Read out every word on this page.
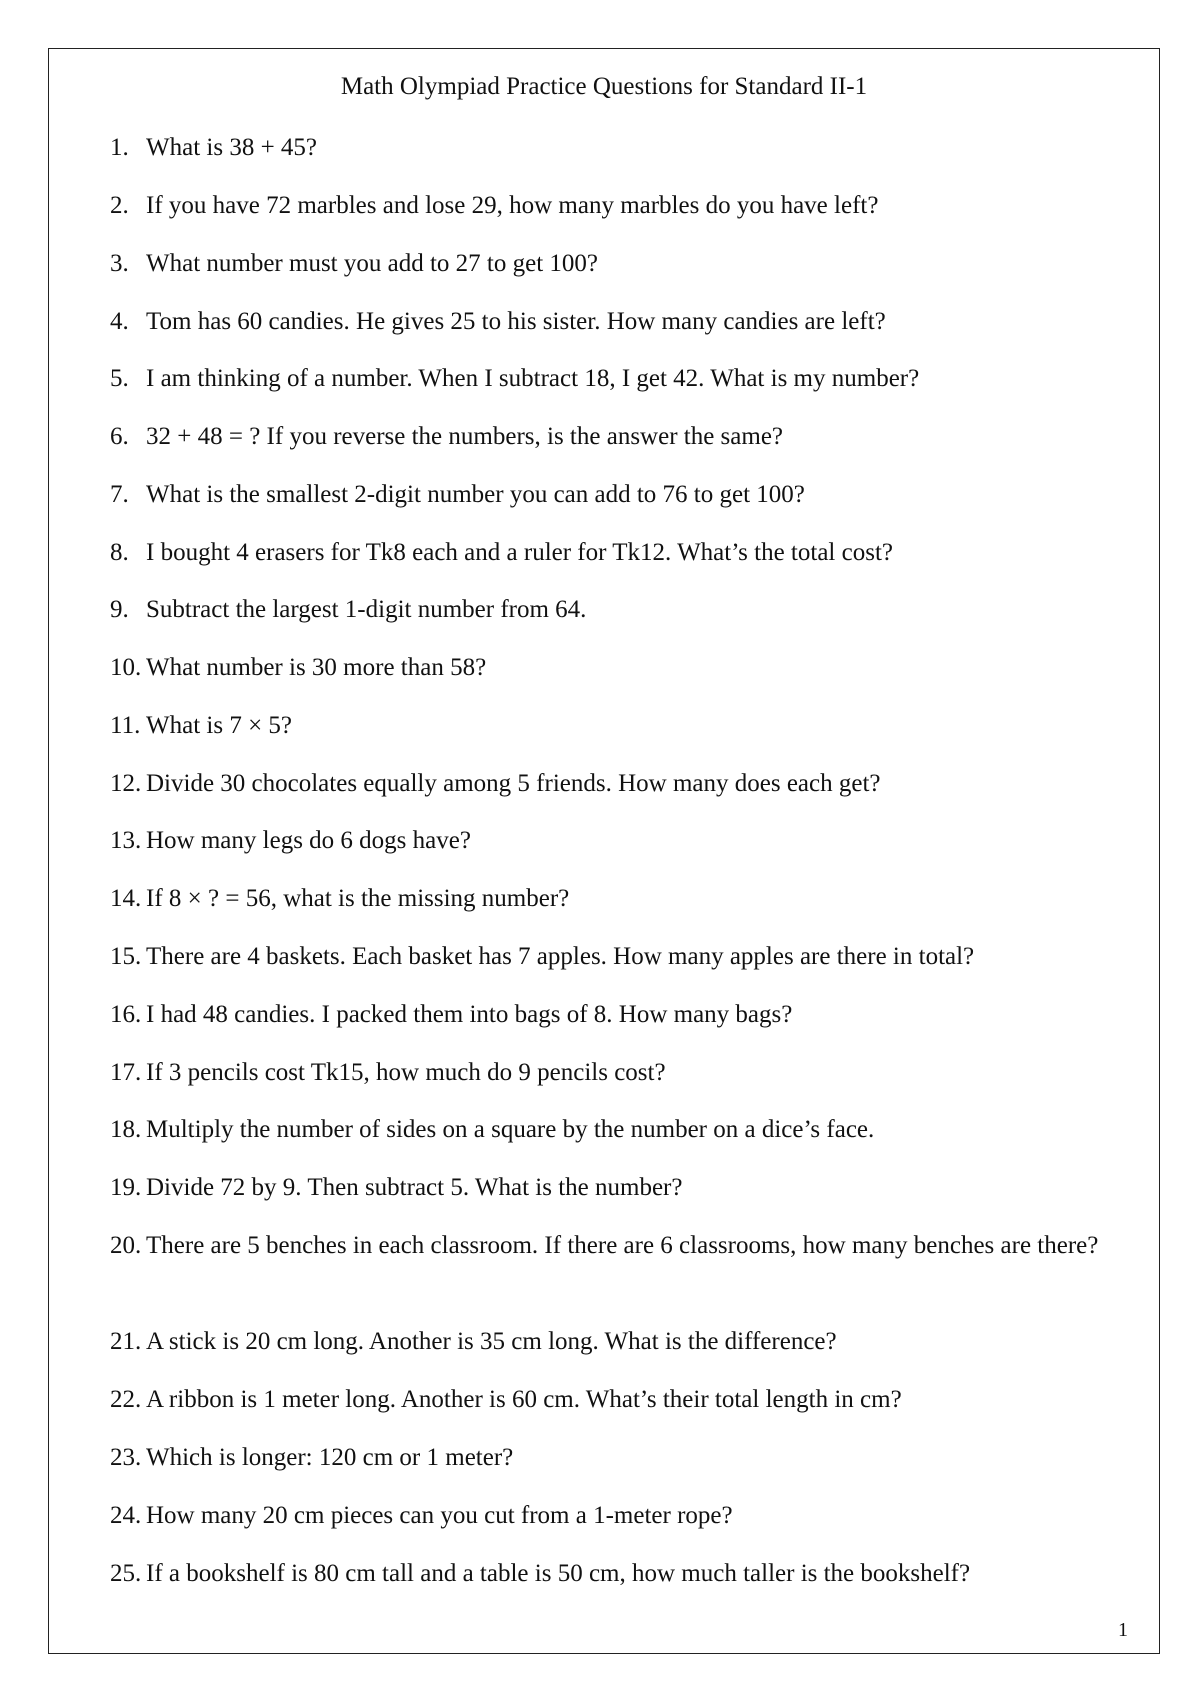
Math Olympiad Practice Questions for Standard II-1
1. What is 38 + 45?
2. If you have 72 marbles and lose 29, how many marbles do you have left?
3. What number must you add to 27 to get 100?
4. Tom has 60 candies. He gives 25 to his sister. How many candies are left?
5. I am thinking of a number. When I subtract 18, I get 42. What is my number?
6. 32 + 48 = ? If you reverse the numbers, is the answer the same?
7. What is the smallest 2-digit number you can add to 76 to get 100?
8. I bought 4 erasers for Tk8 each and a ruler for Tk12. What’s the total cost?
9. Subtract the largest 1-digit number from 64.
10. What number is 30 more than 58?
11. What is 7 × 5?
12. Divide 30 chocolates equally among 5 friends. How many does each get?
13. How many legs do 6 dogs have?
14. If 8 × ? = 56, what is the missing number?
15. There are 4 baskets. Each basket has 7 apples. How many apples are there in total?
16. I had 48 candies. I packed them into bags of 8. How many bags?
17. If 3 pencils cost Tk15, how much do 9 pencils cost?
18. Multiply the number of sides on a square by the number on a dice’s face.
19. Divide 72 by 9. Then subtract 5. What is the number?
20. There are 5 benches in each classroom. If there are 6 classrooms, how many benches are there?
21. A stick is 20 cm long. Another is 35 cm long. What is the difference?
22. A ribbon is 1 meter long. Another is 60 cm. What’s their total length in cm?
23. Which is longer: 120 cm or 1 meter?
24. How many 20 cm pieces can you cut from a 1-meter rope?
25. If a bookshelf is 80 cm tall and a table is 50 cm, how much taller is the bookshelf?
1
